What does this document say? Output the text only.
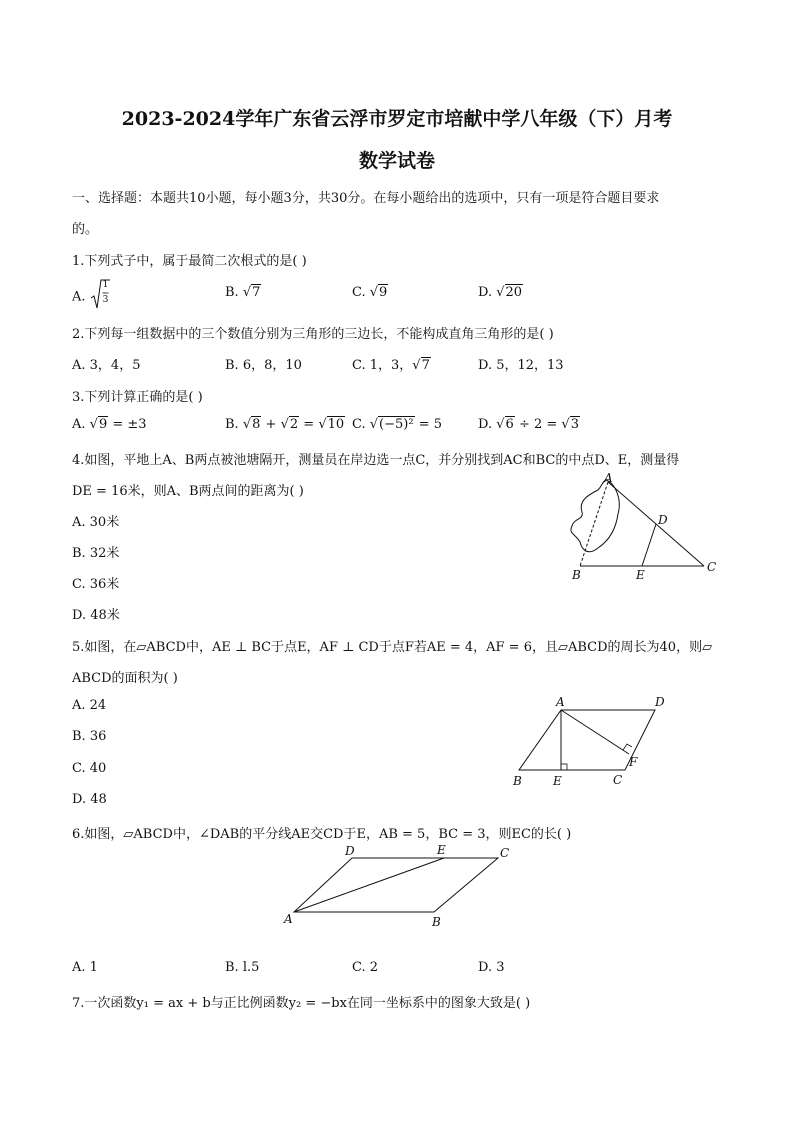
2023-2024学年广东省云浮市罗定市培献中学八年级（下）月考
数学试卷
一、选择题：本题共10小题，每小题3分，共30分。在每小题给出的选项中，只有一项是符合题目要求
的。
1.下列式子中，属于最简二次根式的是( )
A.
1
3	B. √7	C. √9	D. √20
2.下列每一组数据中的三个数值分别为三角形的三边长，不能构成直角三角形的是( )
A. 3，4，5	B. 6，8，10	C. 1，3，√7	D. 5，12，13
3.下列计算正确的是( )
A. √9 = ±3	B. √8 + √2 = √10 C. √(−5)² = 5	D. √6 ÷ 2 = √3
4.如图，平地上A、B两点被池塘隔开，测量员在岸边选一点C，并分别找到AC和BC的中点D、E，测量得
DE = 16米，则A、B两点间的距离为( )
A. 30米
B. 32米
C. 36米
D. 48米
A
D
B	E
C
5.如图，在▱ABCD中，AE ⊥ BC于点E，AF ⊥ CD于点F若AE = 4，AF = 6，且▱ABCD的周长为40，则▱
ABCD的面积为( )
A. 24
B. 36
C. 40
D. 48
A	D
F
B	E	C
6.如图，▱ABCD中，∠DAB的平分线AE交CD于E，AB = 5，BC = 3，则EC的长( )
D	E	C
A	B
A. 1	B. l.5	C. 2	D. 3
7.一次函数y₁ = ax + b与正比例函数y₂ = −bx在同一坐标系中的图象大致是( )
